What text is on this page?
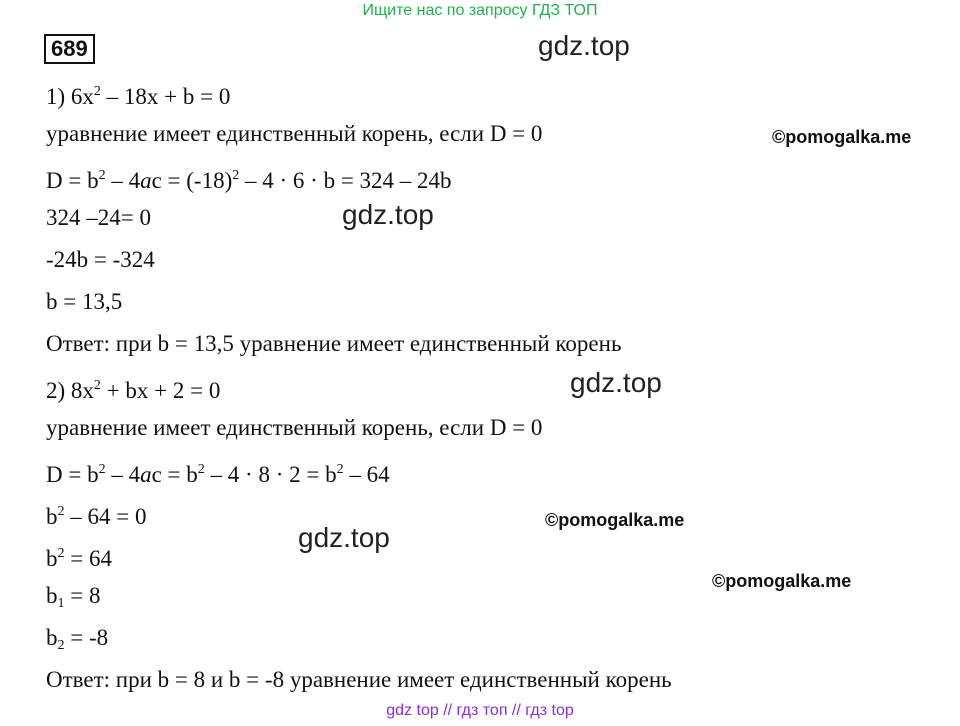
Ищите нас по запросу ГДЗ ТОП
689
1) $6x^2 - 18x + b = 0$
уравнение имеет единственный корень, если D = 0
$D = b^2 - 4ac = (-18)^2 - 4 \cdot 6 \cdot b = 324 - 24b$
324 –24= 0
-24b = -324
b = 13,5
Ответ: при b = 13,5 уравнение имеет единственный корень
2) $8x^2$ + bx + 2 = 0
уравнение имеет единственный корень, если D = 0
$D = b^2 - 4ac = b^2 - 4 \cdot 8 \cdot 2 = b^2 - 64$
$b^2 - 64 = 0$
$b^2 = 64$
$b_1 = 8$
$b_2 = -8$
Ответ: при b = 8 и b = -8 уравнение имеет единственный корень
gdz.top
gdz.top
gdz.top
gdz.top
©pomogalka.me
©pomogalka.me
©pomogalka.me
gdz top // гдз топ // гдз top
